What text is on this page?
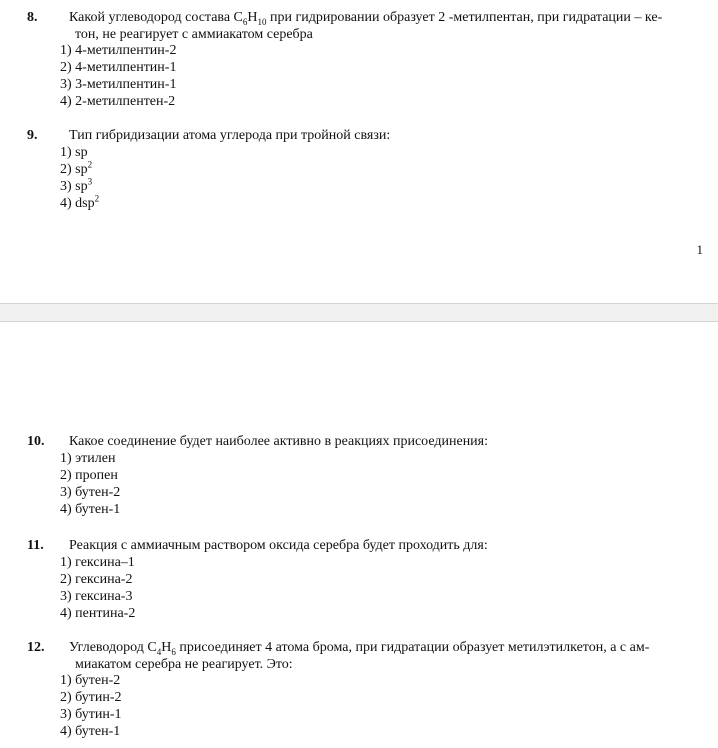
8. Какой углеводород состава $C_6H_{10}$ при гидрировании образует 2 -метилпентан, при гидратации – ке-
тон, не реагирует с аммиакатом серебра
1) 4-метилпентин-2
2) 4-метилпентин-1
3) 3-метилпентин-1
4) 2-метилпентен-2
9. Тип гибридизации атома углерода при тройной связи:
1) sp
2) $sp^2$
3) $sp^3$
4) dsp$^2$
1
10. Какое соединение будет наиболее активно в реакциях присоединения:
1) этилен
2) пропен
3) бутен-2
4) бутен-1
11. Реакция с аммиачным раствором оксида серебра будет проходить для:
1) гексина–1
2) гексина-2
3) гексина-3
4) пентина-2
12. Углеводород $C_4H_6$ присоединяет 4 атома брома, при гидратации образует метилэтилкетон, а с ам-
миакатом серебра не реагирует. Это:
1) бутен-2
2) бутин-2
3) бутин-1
4) бутен-1
